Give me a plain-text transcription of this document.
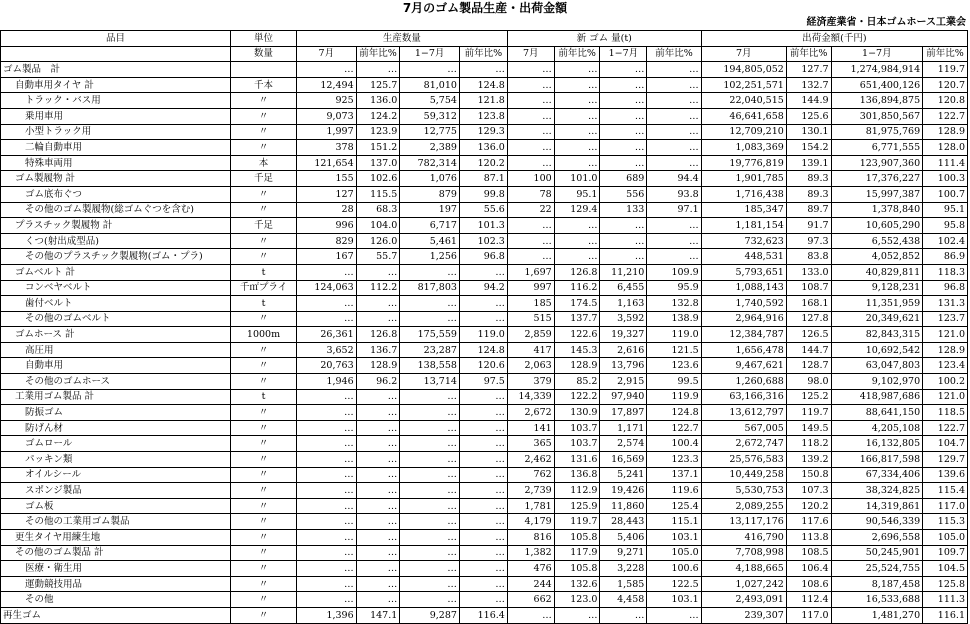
7月のゴム製品生産・出荷金額
経済産業省・日本ゴムホース工業会
品目	単位	生産数量				新 ゴム 量(t)				出荷金額(千円)			
	数量	7月	前年比%	1−7月	前年比%	7月	前年比%	1−7月	前年比%	7月	前年比%	1−7月	前年比%
ゴム製品　計		…	…	…	…	…	…	…	…	194,805,052	127.7	1,274,984,914	119.7
自動車用タイヤ 計	千本	12,494	125.7	81,010	124.8	…	…	…	…	102,251,571	132.7	651,400,126	120.7
トラック・バス用	〃	925	136.0	5,754	121.8	…	…	…	…	22,040,515	144.9	136,894,875	120.8
乗用車用	〃	9,073	124.2	59,312	123.8	…	…	…	…	46,641,658	125.6	301,850,567	122.7
小型トラック用	〃	1,997	123.9	12,775	129.3	…	…	…	…	12,709,210	130.1	81,975,769	128.9
二輪自動車用	〃	378	151.2	2,389	136.0	…	…	…	…	1,083,369	154.2	6,771,555	128.0
特殊車両用	本	121,654	137.0	782,314	120.2	…	…	…	…	19,776,819	139.1	123,907,360	111.4
ゴム製履物 計	千足	155	102.6	1,076	87.1	100	101.0	689	94.4	1,901,785	89.3	17,376,227	100.3
ゴム底布ぐつ	〃	127	115.5	879	99.8	78	95.1	556	93.8	1,716,438	89.3	15,997,387	100.7
その他のゴム製履物(総ゴムぐつを含む)	〃	28	68.3	197	55.6	22	129.4	133	97.1	185,347	89.7	1,378,840	95.1
プラスチック製履物 計	千足	996	104.0	6,717	101.3	…	…	…	…	1,181,154	91.7	10,605,290	95.8
くつ(射出成型品)	〃	829	126.0	5,461	102.3	…	…	…	…	732,623	97.3	6,552,438	102.4
その他のプラスチック製履物(ゴム・プラ)	〃	167	55.7	1,256	96.8	…	…	…	…	448,531	83.8	4,052,852	86.9
ゴムベルト 計	t	…	…	…	…	1,697	126.8	11,210	109.9	5,793,651	133.0	40,829,811	118.3
コンベヤベルト	千㎡プライ	124,063	112.2	817,803	94.2	997	116.2	6,455	95.9	1,088,143	108.7	9,128,231	96.8
歯付ベルト	t	…	…	…	…	185	174.5	1,163	132.8	1,740,592	168.1	11,351,959	131.3
その他のゴムベルト	〃	…	…	…	…	515	137.7	3,592	138.9	2,964,916	127.8	20,349,621	123.7
ゴムホース 計	1000m	26,361	126.8	175,559	119.0	2,859	122.6	19,327	119.0	12,384,787	126.5	82,843,315	121.0
高圧用	〃	3,652	136.7	23,287	124.8	417	145.3	2,616	121.5	1,656,478	144.7	10,692,542	128.9
自動車用	〃	20,763	128.9	138,558	120.6	2,063	128.9	13,796	123.6	9,467,621	128.7	63,047,803	123.4
その他のゴムホース	〃	1,946	96.2	13,714	97.5	379	85.2	2,915	99.5	1,260,688	98.0	9,102,970	100.2
工業用ゴム製品 計	t	…	…	…	…	14,339	122.2	97,940	119.9	63,166,316	125.2	418,987,686	121.0
防振ゴム	〃	…	…	…	…	2,672	130.9	17,897	124.8	13,612,797	119.7	88,641,150	118.5
防げん材	〃	…	…	…	…	141	103.7	1,171	122.7	567,005	149.5	4,205,108	122.7
ゴムロール	〃	…	…	…	…	365	103.7	2,574	100.4	2,672,747	118.2	16,132,805	104.7
パッキン類	〃	…	…	…	…	2,462	131.6	16,569	123.3	25,576,583	139.2	166,817,598	129.7
オイルシール	〃	…	…	…	…	762	136.8	5,241	137.1	10,449,258	150.8	67,334,406	139.6
スポンジ製品	〃	…	…	…	…	2,739	112.9	19,426	119.6	5,530,753	107.3	38,324,825	115.4
ゴム板	〃	…	…	…	…	1,781	125.9	11,860	125.4	2,089,255	120.2	14,319,861	117.0
その他の工業用ゴム製品	〃	…	…	…	…	4,179	119.7	28,443	115.1	13,117,176	117.6	90,546,339	115.3
更生タイヤ用練生地	〃	…	…	…	…	816	105.8	5,406	103.1	416,790	113.8	2,696,558	105.0
その他のゴム製品 計	〃	…	…	…	…	1,382	117.9	9,271	105.0	7,708,998	108.5	50,245,901	109.7
医療・衛生用	〃	…	…	…	…	476	105.8	3,228	100.6	4,188,665	106.4	25,524,755	104.5
運動競技用品	〃	…	…	…	…	244	132.6	1,585	122.5	1,027,242	108.6	8,187,458	125.8
その他	〃	…	…	…	…	662	123.0	4,458	103.1	2,493,091	112.4	16,533,688	111.3
再生ゴム	〃	1,396	147.1	9,287	116.4	…	…	…	…	239,307	117.0	1,481,270	116.1
